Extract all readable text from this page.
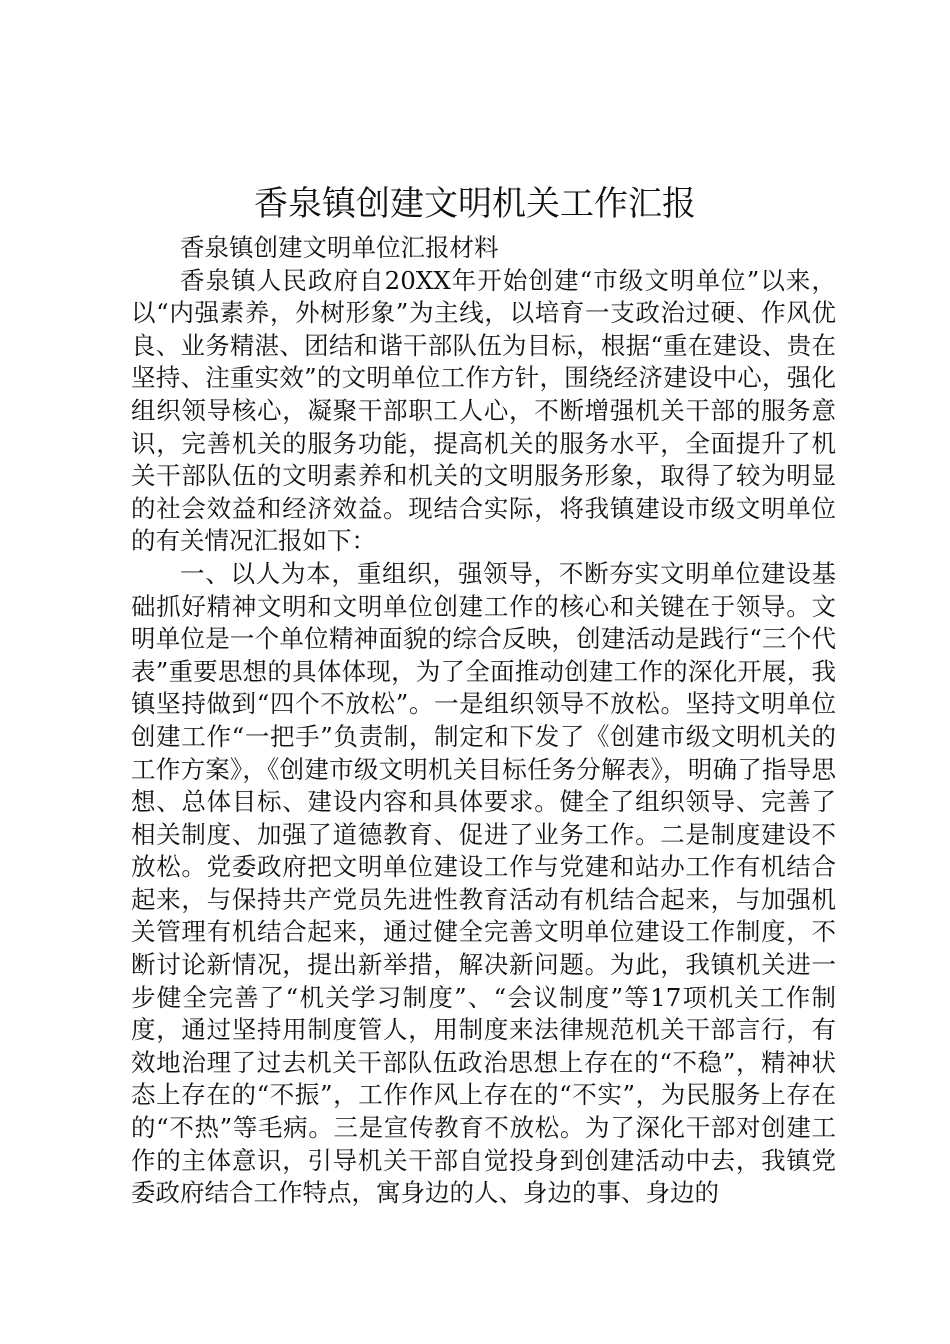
香泉镇创建文明机关工作汇报

香泉镇创建文明单位汇报材料

香泉镇人民政府自20XX年开始创建“市级文明单位”以来，以“内强素养，外树形象”为主线，以培育一支政治过硬、作风优良、业务精湛、团结和谐干部队伍为目标，根据“重在建设、贵在坚持、注重实效”的文明单位工作方针，围绕经济建设中心，强化组织领导核心，凝聚干部职工人心，不断增强机关干部的服务意识，完善机关的服务功能，提高机关的服务水平，全面提升了机关干部队伍的文明素养和机关的文明服务形象，取得了较为明显的社会效益和经济效益。现结合实际，将我镇建设市级文明单位的有关情况汇报如下：

一、以人为本，重组织，强领导，不断夯实文明单位建设基础抓好精神文明和文明单位创建工作的核心和关键在于领导。文明单位是一个单位精神面貌的综合反映，创建活动是践行“三个代表”重要思想的具体体现，为了全面推动创建工作的深化开展，我镇坚持做到“四个不放松”。一是组织领导不放松。坚持文明单位创建工作“一把手”负责制，制定和下发了《创建市级文明机关的工作方案》，《创建市级文明机关目标任务分解表》，明确了指导思想、总体目标、建设内容和具体要求。健全了组织领导、完善了相关制度、加强了道德教育、促进了业务工作。二是制度建设不放松。党委政府把文明单位建设工作与党建和站办工作有机结合起来，与保持共产党员先进性教育活动有机结合起来，与加强机关管理有机结合起来，通过健全完善文明单位建设工作制度，不断讨论新情况，提出新举措，解决新问题。为此，我镇机关进一步健全完善了“机关学习制度”、“会议制度”等17项机关工作制度，通过坚持用制度管人，用制度来法律规范机关干部言行，有效地治理了过去机关干部队伍政治思想上存在的“不稳”，精神状态上存在的“不振”，工作作风上存在的“不实”，为民服务上存在的“不热”等毛病。三是宣传教育不放松。为了深化干部对创建工作的主体意识，引导机关干部自觉投身到创建活动中去，我镇党委政府结合工作特点，寓身边的人、身边的事、身边的
